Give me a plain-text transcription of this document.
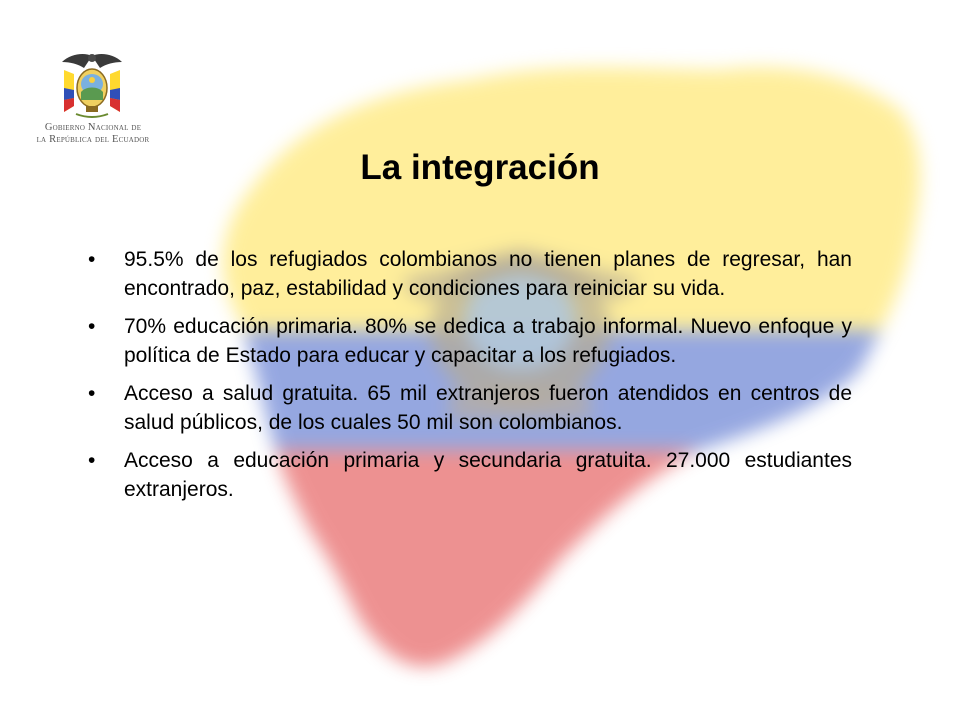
Gobierno Nacional de
la República del Ecuador
La integración
• 95.5% de los refugiados colombianos no tienen planes de regresar, han encontrado, paz, estabilidad y condiciones para reiniciar su vida.
• 70% educación primaria. 80% se dedica a trabajo informal. Nuevo enfoque y política de Estado para educar y capacitar a los refugiados.
• Acceso a salud gratuita. 65 mil extranjeros fueron atendidos en centros de salud públicos, de los cuales 50 mil son colombianos.
• Acceso a educación primaria y secundaria gratuita. 27.000 estudiantes extranjeros.
